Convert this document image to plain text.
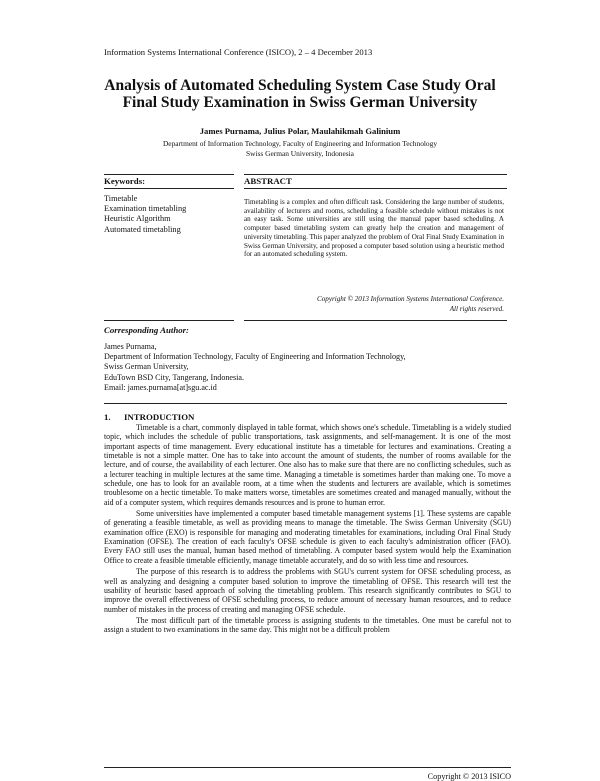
Information Systems International Conference (ISICO), 2 – 4 December 2013
Analysis of Automated Scheduling System Case Study Oral
Final Study Examination in Swiss German University
James Purnama, Julius Polar, Maulahikmah Galinium
Department of Information Technology, Faculty of Engineering and Information Technology
Swiss German University, Indonesia
Keywords:	ABSTRACT
Timetable
Examination timetabling
Heuristic Algorithm
Automated timetabling
Timetabling is a complex and often difficult task. Considering the large number of students, availability of lecturers and rooms, scheduling a feasible schedule without mistakes is not an easy task. Some universities are still using the manual paper based scheduling. A computer based timetabling system can greatly help the creation and management of university timetabling. This paper analyzed the problem of Oral Final Study Examination in Swiss German University, and proposed a computer based solution using a heuristic method for an automated scheduling system.
Copyright © 2013 Information Systems International Conference.
All rights reserved.
Corresponding Author:
James Purnama,
Department of Information Technology, Faculty of Engineering and Information Technology,
Swiss German University,
EduTown BSD City, Tangerang, Indonesia.
Email: james.purnama[at]sgu.ac.id
1. INTRODUCTION

Timetable is a chart, commonly displayed in table format, which shows one's schedule. Timetabling is a widely studied topic, which includes the schedule of public transportations, task assignments, and self-management. It is one of the most important aspects of time management. Every educational institute has a timetable for lectures and examinations. Creating a timetable is not a simple matter. One has to take into account the amount of students, the number of rooms available for the lecture, and of course, the availability of each lecturer. One also has to make sure that there are no conflicting schedules, such as a lecturer teaching in multiple lectures at the same time. Managing a timetable is sometimes harder than making one. To move a schedule, one has to look for an available room, at a time when the students and lecturers are available, which is sometimes troublesome on a hectic timetable. To make matters worse, timetables are sometimes created and managed manually, without the aid of a computer system, which requires demands resources and is prone to human error.

Some universities have implemented a computer based timetable management systems [1]. These systems are capable of generating a feasible timetable, as well as providing means to manage the timetable. The Swiss German University (SGU) examination office (EXO) is responsible for managing and moderating timetables for examinations, including Oral Final Study Examination (OFSE). The creation of each faculty's OFSE schedule is given to each faculty's administration officer (FAO). Every FAO still uses the manual, human based method of timetabling. A computer based system would help the Examination Office to create a feasible timetable efficiently, manage timetable accurately, and do so with less time and resources.

The purpose of this research is to address the problems with SGU's current system for OFSE scheduling process, as well as analyzing and designing a computer based solution to improve the timetabling of OFSE. This research will test the usability of heuristic based approach of solving the timetabling problem. This research significantly contributes to SGU to improve the overall effectiveness of OFSE scheduling process, to reduce amount of necessary human resources, and to reduce number of mistakes in the process of creating and managing OFSE schedule.

The most difficult part of the timetable process is assigning students to the timetables. One must be careful not to assign a student to two examinations in the same day. This might not be a difficult problem

Copyright © 2013 ISICO
